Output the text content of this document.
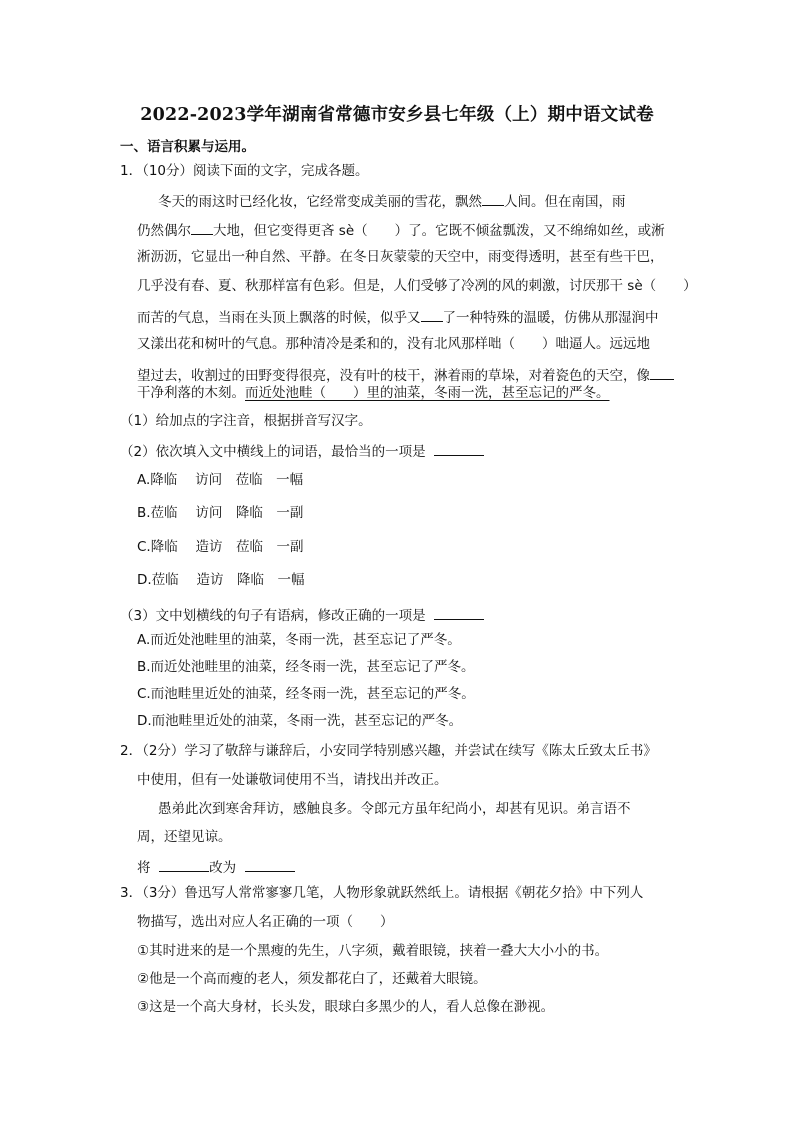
2022-2023学年湖南省常德市安乡县七年级（上）期中语文试卷
一、语言积累与运用。
1．（10分）阅读下面的文字，完成各题。
冬天的雨这时已经化妆，它经常变成美丽的雪花，飘然 人间。但在南国，雨
仍然偶尔 大地，但它变得更吝 sè（　　）了。它既不倾盆瓢泼，又不绵绵如丝，或淅
淅沥沥，它显出一种自然、平静。在冬日灰蒙蒙的天空中，雨变得透明，甚至有些干巴，
几乎没有春、夏、秋那样富有色彩。但是，人们受够了冷冽的风的刺激，讨厌那干 sè（　　）
而苦的气息，当雨在头顶上飘落的时候，似乎又 了一种特殊的温暖，仿佛从那湿润中
又漾出花和树叶的气息。那种清冷是柔和的，没有北风那样咄（　　）咄逼人。远远地
望过去，收割过的田野变得很亮，没有叶的枝干，淋着雨的草垛，对着瓷色的天空，像
干净利落的木刻。而近处池畦（　　）里的油菜，冬雨一洗，甚至忘记的严冬。
（1）给加点的字注音，根据拼音写汉字。
（2）依次填入文中横线上的词语，最恰当的一项是
A.降临　 访问　莅临　一幅
B.莅临　 访问　降临　一副
C.降临　 造访　莅临　一副
D.莅临　 造访　降临　一幅
（3）文中划横线的句子有语病，修改正确的一项是
A.而近处池畦里的油菜，冬雨一洗，甚至忘记了严冬。
B.而近处池畦里的油菜，经冬雨一洗，甚至忘记了严冬。
C.而池畦里近处的油菜，经冬雨一洗，甚至忘记的严冬。
D.而池畦里近处的油菜，冬雨一洗，甚至忘记的严冬。
2．（2分）学习了敬辞与谦辞后，小安同学特别感兴趣，并尝试在续写《陈太丘致太丘书》
中使用，但有一处谦敬词使用不当，请找出并改正。
愚弟此次到寒舍拜访，感触良多。令郎元方虽年纪尚小，却甚有见识。弟言语不
周，还望见谅。
将	改为
3．（3分）鲁迅写人常常寥寥几笔，人物形象就跃然纸上。请根据《朝花夕拾》中下列人
物描写，选出对应人名正确的一项（　　）
①其时进来的是一个黑瘦的先生，八字须，戴着眼镜，挟着一叠大大小小的书。
②他是一个高而瘦的老人，须发都花白了，还戴着大眼镜。
③这是一个高大身材，长头发，眼球白多黑少的人，看人总像在渺视。
